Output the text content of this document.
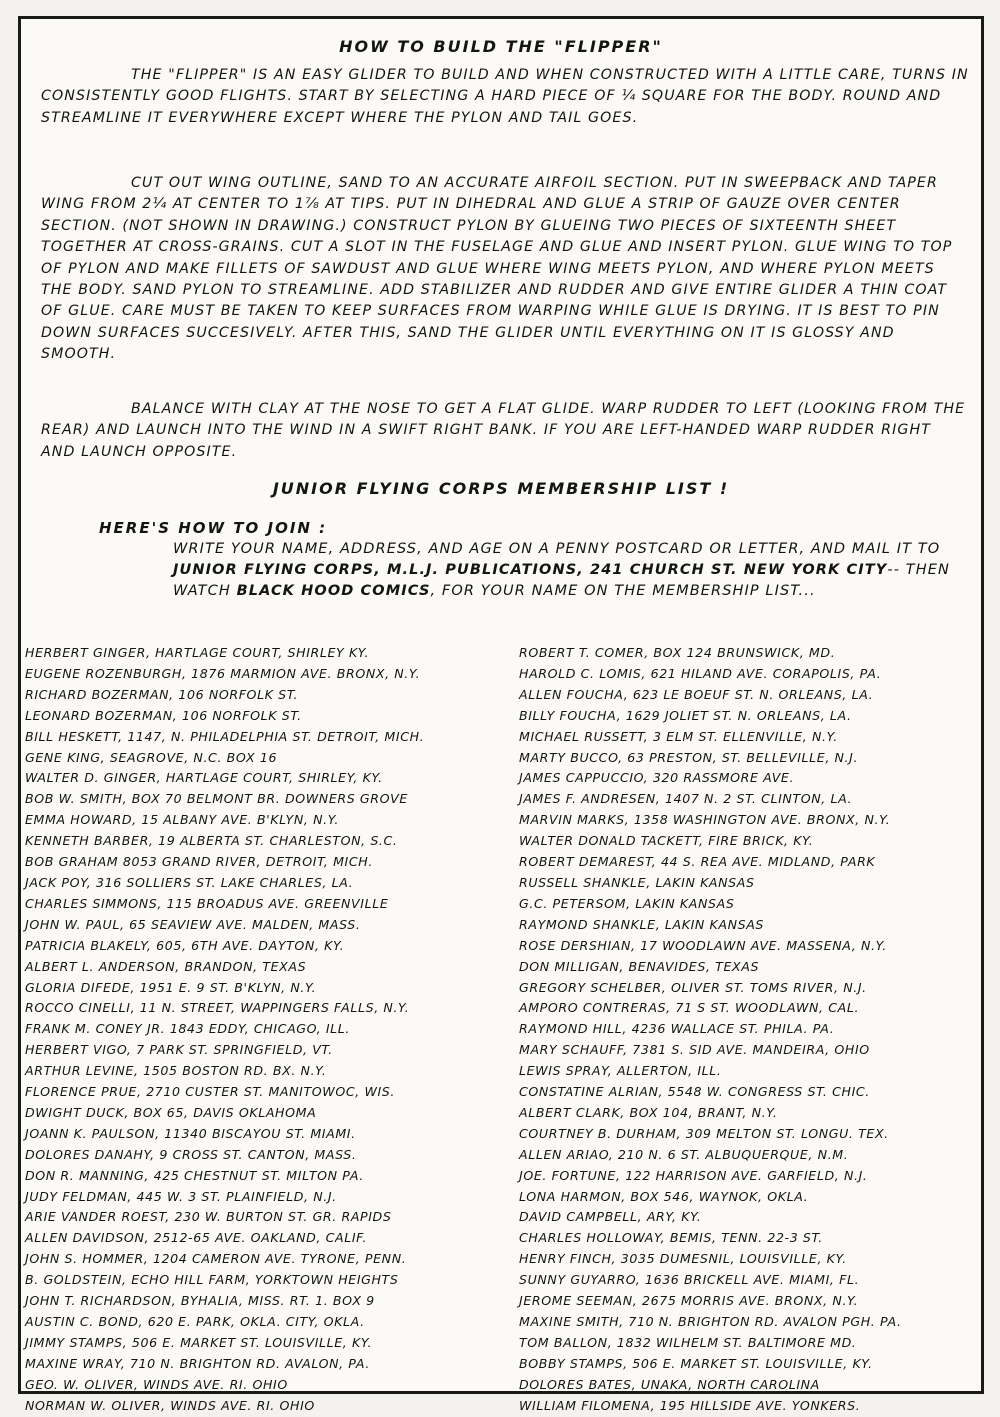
HOW TO BUILD THE "FLIPPER"

THE "FLIPPER" IS AN EASY GLIDER TO BUILD AND WHEN CONSTRUCTED WITH A LITTLE CARE, TURNS IN CONSISTENTLY GOOD FLIGHTS. START BY SELECTING A HARD PIECE OF ¼ SQUARE FOR THE BODY. ROUND AND STREAMLINE IT EVERYWHERE EXCEPT WHERE THE PYLON AND TAIL GOES.

CUT OUT WING OUTLINE, SAND TO AN ACCURATE AIRFOIL SECTION. PUT IN SWEEPBACK AND TAPER WING FROM 2¼ AT CENTER TO 1⅞ AT TIPS. PUT IN DIHEDRAL AND GLUE A STRIP OF GAUZE OVER CENTER SECTION. (NOT SHOWN IN DRAWING.) CONSTRUCT PYLON BY GLUEING TWO PIECES OF SIXTEENTH SHEET TOGETHER AT CROSS-GRAINS. CUT A SLOT IN THE FUSELAGE AND GLUE AND INSERT PYLON. GLUE WING TO TOP OF PYLON AND MAKE FILLETS OF SAWDUST AND GLUE WHERE WING MEETS PYLON, AND WHERE PYLON MEETS THE BODY. SAND PYLON TO STREAMLINE. ADD STABILIZER AND RUDDER AND GIVE ENTIRE GLIDER A THIN COAT OF GLUE. CARE MUST BE TAKEN TO KEEP SURFACES FROM WARPING WHILE GLUE IS DRYING. IT IS BEST TO PIN DOWN SURFACES SUCCESIVELY. AFTER THIS, SAND THE GLIDER UNTIL EVERYTHING ON IT IS GLOSSY AND SMOOTH.

BALANCE WITH CLAY AT THE NOSE TO GET A FLAT GLIDE. WARP RUDDER TO LEFT (LOOKING FROM THE REAR) AND LAUNCH INTO THE WIND IN A SWIFT RIGHT BANK. IF YOU ARE LEFT-HANDED WARP RUDDER RIGHT AND LAUNCH OPPOSITE.

JUNIOR FLYING CORPS MEMBERSHIP LIST !
HERE'S HOW TO JOIN :

WRITE YOUR NAME, ADDRESS, AND AGE ON A PENNY POSTCARD OR LETTER, AND MAIL IT TO JUNIOR FLYING CORPS, M.L.J. PUBLICATIONS, 241 CHURCH ST. NEW YORK CITY-- THEN WATCH BLACK HOOD COMICS, FOR YOUR NAME ON THE MEMBERSHIP LIST...

HERBERT GINGER, HARTLAGE COURT, SHIRLEY KY.
EUGENE ROZENBURGH, 1876 MARMION AVE. BRONX, N.Y.
RICHARD BOZERMAN, 106 NORFOLK ST.
LEONARD BOZERMAN, 106 NORFOLK ST.
BILL HESKETT, 1147, N. PHILADELPHIA ST. DETROIT, MICH.
GENE KING, SEAGROVE, N.C. BOX 16
WALTER D. GINGER, HARTLAGE COURT, SHIRLEY, KY.
BOB W. SMITH, BOX 70 BELMONT BR. DOWNERS GROVE
EMMA HOWARD, 15 ALBANY AVE. B'KLYN, N.Y.
KENNETH BARBER, 19 ALBERTA ST. CHARLESTON, S.C.
BOB GRAHAM 8053 GRAND RIVER, DETROIT, MICH.
JACK POY, 316 SOLLIERS ST. LAKE CHARLES, LA.
CHARLES SIMMONS, 115 BROADUS AVE. GREENVILLE
JOHN W. PAUL, 65 SEAVIEW AVE. MALDEN, MASS.
PATRICIA BLAKELY, 605, 6TH AVE. DAYTON, KY.
ALBERT L. ANDERSON, BRANDON, TEXAS
GLORIA DIFEDE, 1951 E. 9 ST. B'KLYN, N.Y.
ROCCO CINELLI, 11 N. STREET, WAPPINGERS FALLS, N.Y.
FRANK M. CONEY JR. 1843 EDDY, CHICAGO, ILL.
HERBERT VIGO, 7 PARK ST. SPRINGFIELD, VT.
ARTHUR LEVINE, 1505 BOSTON RD. BX. N.Y.
FLORENCE PRUE, 2710 CUSTER ST. MANITOWOC, WIS.
DWIGHT DUCK, BOX 65, DAVIS OKLAHOMA
JOANN K. PAULSON, 11340 BISCAYOU ST. MIAMI.
DOLORES DANAHY, 9 CROSS ST. CANTON, MASS.
DON R. MANNING, 425 CHESTNUT ST. MILTON PA.
JUDY FELDMAN, 445 W. 3 ST. PLAINFIELD, N.J.
ARIE VANDER ROEST, 230 W. BURTON ST. GR. RAPIDS
ALLEN DAVIDSON, 2512-65 AVE. OAKLAND, CALIF.
JOHN S. HOMMER, 1204 CAMERON AVE. TYRONE, PENN.
B. GOLDSTEIN, ECHO HILL FARM, YORKTOWN HEIGHTS
JOHN T. RICHARDSON, BYHALIA, MISS. RT. 1. BOX 9
AUSTIN C. BOND, 620 E. PARK, OKLA. CITY, OKLA.
JIMMY STAMPS, 506 E. MARKET ST. LOUISVILLE, KY.
MAXINE WRAY, 710 N. BRIGHTON RD. AVALON, PA.
GEO. W. OLIVER, WINDS AVE. RI. OHIO
NORMAN W. OLIVER, WINDS AVE. RI. OHIO
ROBERT T. COMER, BOX 124 BRUNSWICK, MD.
HAROLD C. LOMIS, 621 HILAND AVE. CORAPOLIS, PA.
ALLEN FOUCHA, 623 LE BOEUF ST. N. ORLEANS, LA.
BILLY FOUCHA, 1629 JOLIET ST. N. ORLEANS, LA.
MICHAEL RUSSETT, 3 ELM ST. ELLENVILLE, N.Y.
MARTY BUCCO, 63 PRESTON, ST. BELLEVILLE, N.J.
JAMES CAPPUCCIO, 320 RASSMORE AVE.
JAMES F. ANDRESEN, 1407 N. 2 ST. CLINTON, LA.
MARVIN MARKS, 1358 WASHINGTON AVE. BRONX, N.Y.
WALTER DONALD TACKETT, FIRE BRICK, KY.
ROBERT DEMAREST, 44 S. REA AVE. MIDLAND, PARK
RUSSELL SHANKLE, LAKIN KANSAS
G.C. PETERSOM, LAKIN KANSAS
RAYMOND SHANKLE, LAKIN KANSAS
ROSE DERSHIAN, 17 WOODLAWN AVE. MASSENA, N.Y.
DON MILLIGAN, BENAVIDES, TEXAS
GREGORY SCHELBER, OLIVER ST. TOMS RIVER, N.J.
AMPORO CONTRERAS, 71 S ST. WOODLAWN, CAL.
RAYMOND HILL, 4236 WALLACE ST. PHILA. PA.
MARY SCHAUFF, 7381 S. SID AVE. MANDEIRA, OHIO
LEWIS SPRAY, ALLERTON, ILL.
CONSTATINE ALRIAN, 5548 W. CONGRESS ST. CHIC.
ALBERT CLARK, BOX 104, BRANT, N.Y.
COURTNEY B. DURHAM, 309 MELTON ST. LONGU. TEX.
ALLEN ARIAO, 210 N. 6 ST. ALBUQUERQUE, N.M.
JOE. FORTUNE, 122 HARRISON AVE. GARFIELD, N.J.
LONA HARMON, BOX 546, WAYNOK, OKLA.
DAVID CAMPBELL, ARY, KY.
CHARLES HOLLOWAY, BEMIS, TENN. 22-3 ST.
HENRY FINCH, 3035 DUMESNIL, LOUISVILLE, KY.
SUNNY GUYARRO, 1636 BRICKELL AVE. MIAMI, FL.
JEROME SEEMAN, 2675 MORRIS AVE. BRONX, N.Y.
MAXINE SMITH, 710 N. BRIGHTON RD. AVALON PGH. PA.
TOM BALLON, 1832 WILHELM ST. BALTIMORE MD.
BOBBY STAMPS, 506 E. MARKET ST. LOUISVILLE, KY.
DOLORES BATES, UNAKA, NORTH CAROLINA
WILLIAM FILOMENA, 195 HILLSIDE AVE. YONKERS.
